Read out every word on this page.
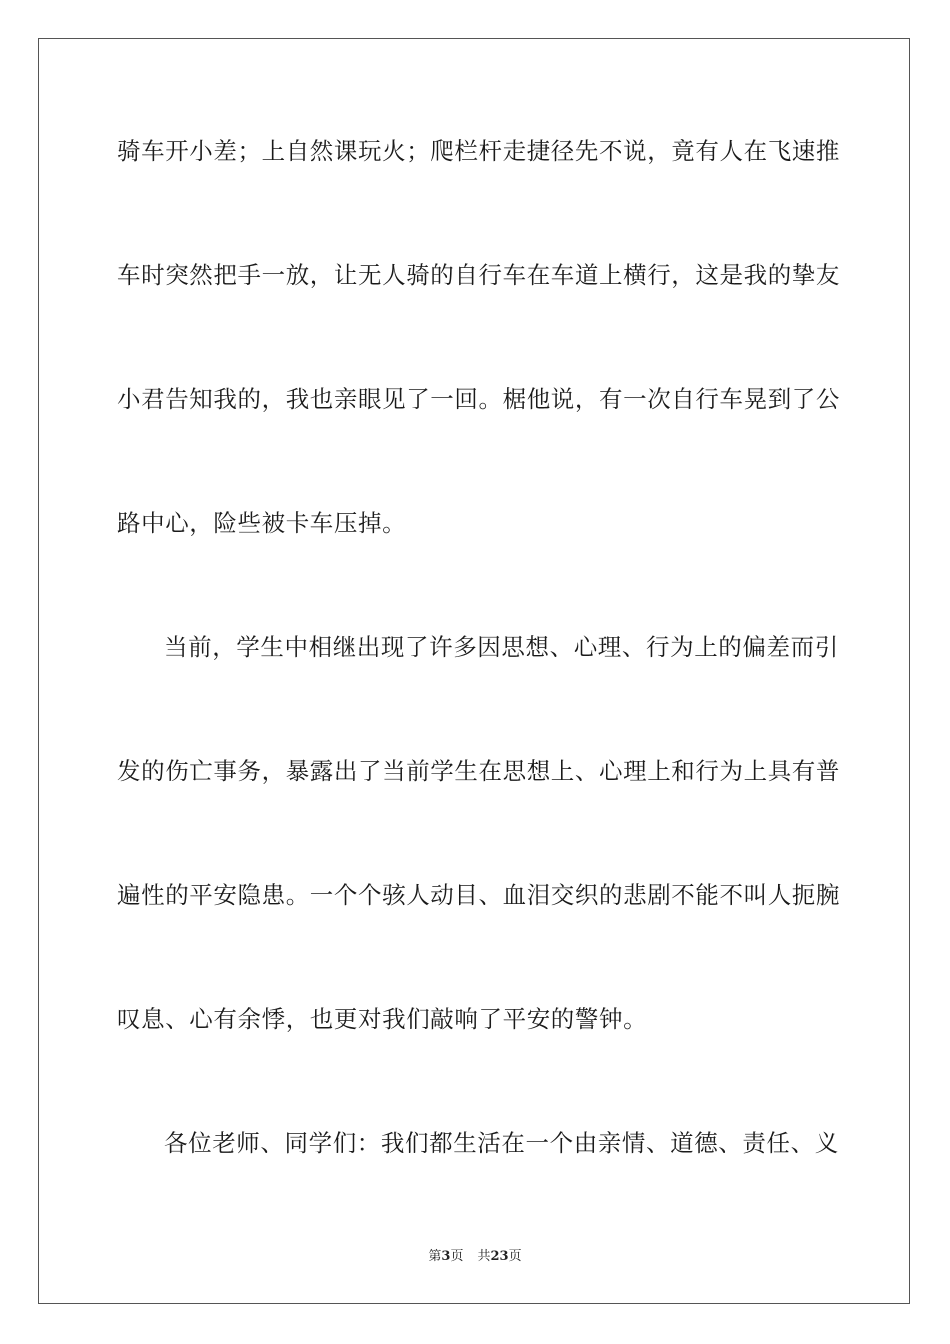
骑车开小差；上自然课玩火；爬栏杆走捷径先不说，竟有人在飞速推
车时突然把手一放，让无人骑的自行车在车道上横行，这是我的挚友
小君告知我的，我也亲眼见了一回。椐他说，有一次自行车晃到了公
路中心，险些被卡车压掉。
当前，学生中相继出现了许多因思想、心理、行为上的偏差而引
发的伤亡事务，暴露出了当前学生在思想上、心理上和行为上具有普
遍性的平安隐患。一个个骇人动目、血泪交织的悲剧不能不叫人扼腕
叹息、心有余悸，也更对我们敲响了平安的警钟。
各位老师、同学们：我们都生活在一个由亲情、道德、责任、义
第3页 共23页
